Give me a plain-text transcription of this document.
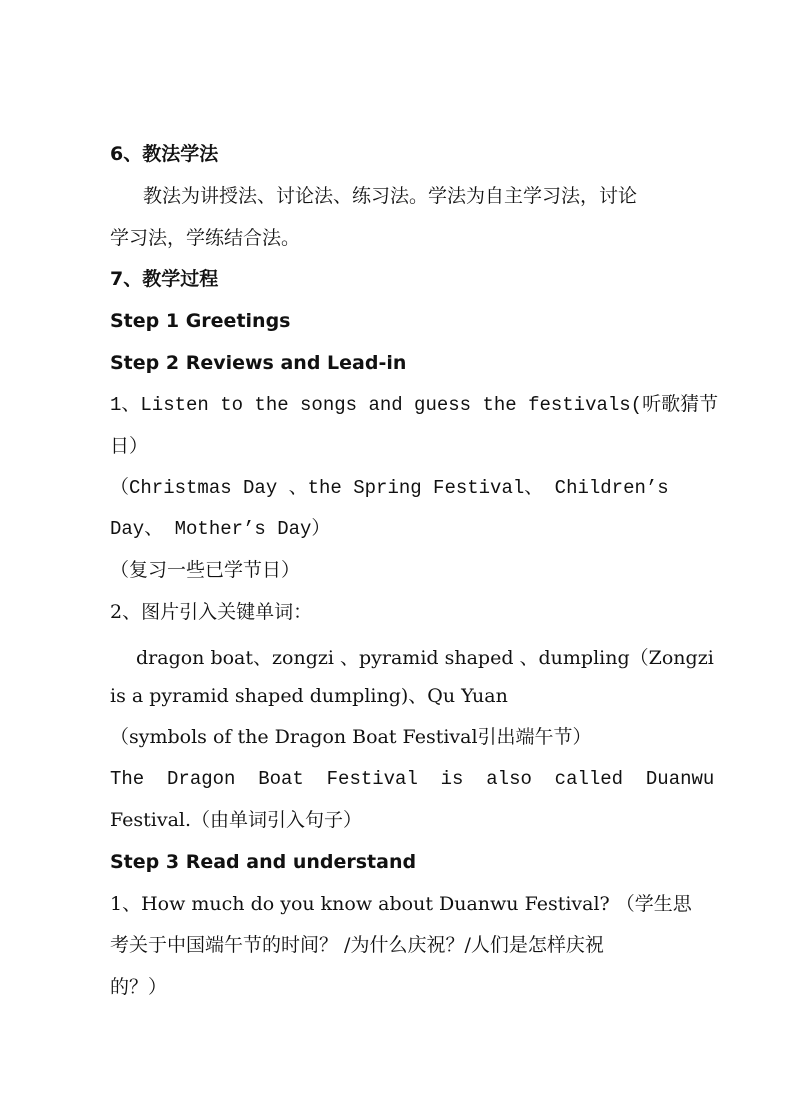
6、教法学法
教法为讲授法、讨论法、练习法。学法为自主学习法，讨论
学习法，学练结合法。
7、教学过程
Step 1 Greetings
Step 2 Reviews and Lead-in
1、Listen to the songs and guess the festivals(听歌猜节
日）
（Christmas Day 、the Spring Festival、 Children’s
Day、 Mother’s Day）
（复习一些已学节日）
2、图片引入关键单词：
dragon boat、zongzi 、pyramid shaped 、dumpling（Zongzi
is a pyramid shaped dumpling)、Qu Yuan
（symbols of the Dragon Boat Festival引出端午节）
The  Dragon  Boat  Festival  is  also  called  Duanwu
Festival.（由单词引入句子）
Step 3 Read and understand
1、How much do you know about Duanwu Festival? （学生思
考关于中国端午节的时间？ /为什么庆祝？/人们是怎样庆祝
的？）
